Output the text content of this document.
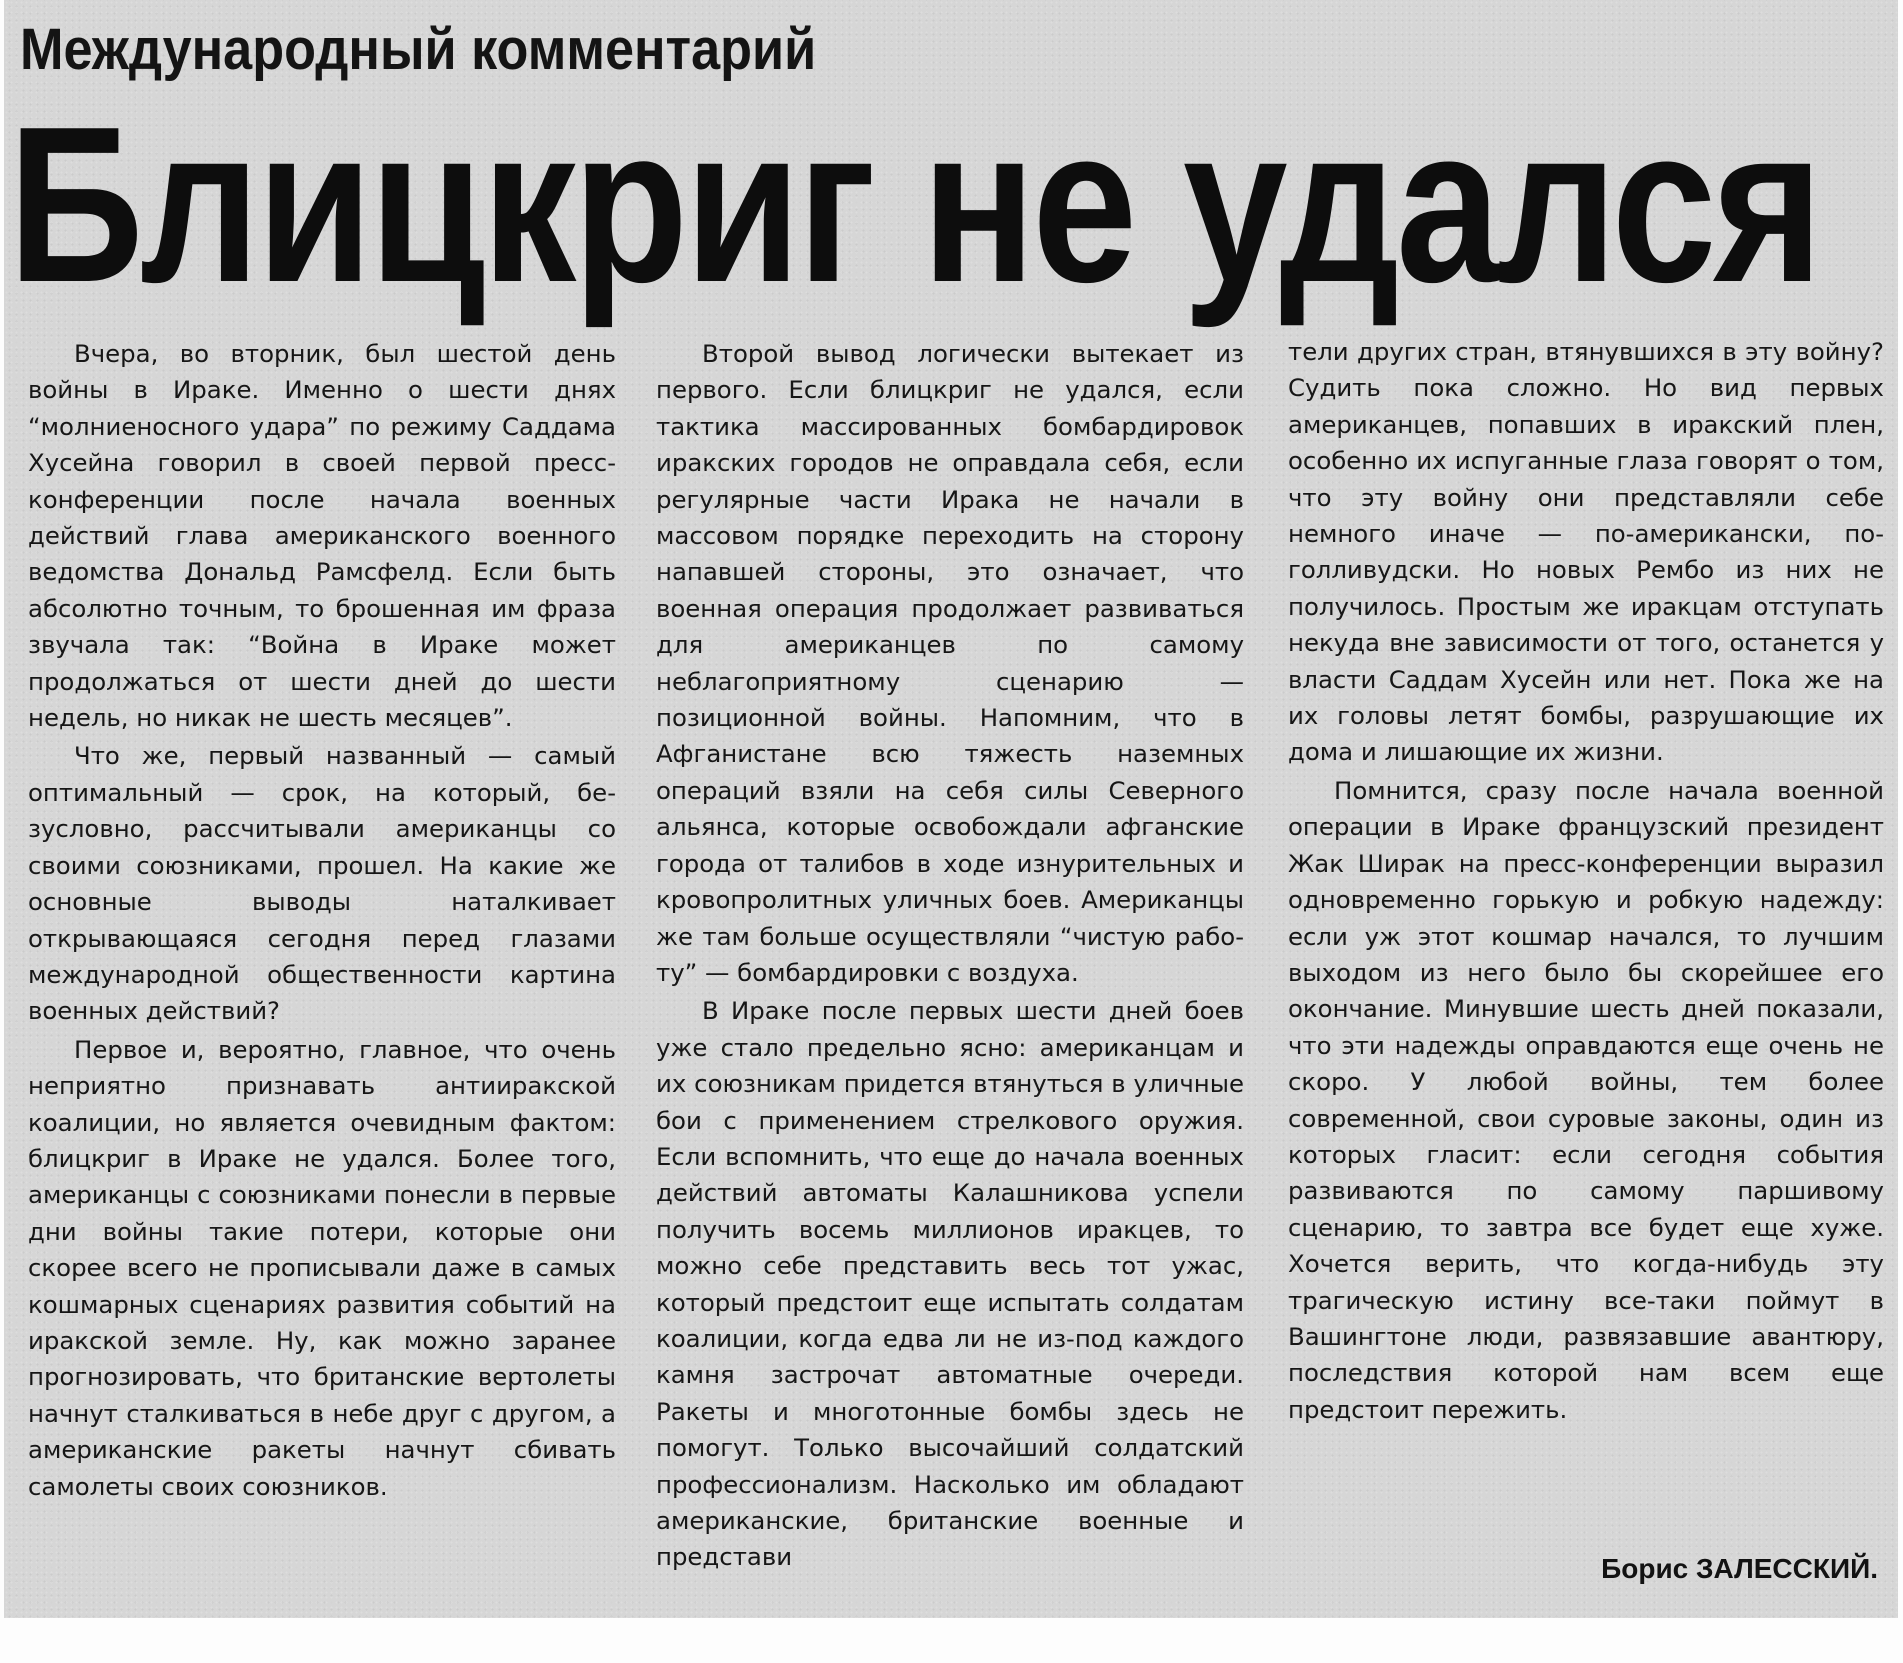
Международный комментарий
Блицкриг не удался

Вчера, во вторник, был шестой день войны в Ираке. Именно о шести днях “молниеносного удара” по режиму Саддама Хусейна говорил в своей первой пресс-конференции после начала военных действий глава американского военного ведомства Дональд Рамсфелд. Если быть абсолютно точным, то брошенная им фраза звучала так: “Война в Ираке может продолжаться от шести дней до шести недель, но никак не шесть месяцев”.

Что же, первый названный — самый оптимальный — срок, на который, безусловно, рассчитывали американцы со своими союзниками, прошел. На какие же основные выводы наталкивает открывающаяся сегодня перед глазами международной общественности картина военных действий?

Первое и, вероятно, главное, что очень неприятно признавать антииракской коалиции, но является очевидным фактом: блицкриг в Ираке не удался. Более того, американцы с союзниками понесли в первые дни войны такие потери, которые они скорее всего не прописывали даже в самых кошмарных сценариях развития событий на иракской земле. Ну, как можно заранее прогнозировать, что британские вертолеты начнут сталкиваться в небе друг с другом, а американские ракеты начнут сбивать самолеты своих союзников.

Второй вывод логически вытекает из первого. Если блицкриг не удался, если тактика массированных бомбардировок иракских городов не оправдала себя, если регулярные части Ирака не начали в массовом порядке переходить на сторону напавшей стороны, это означает, что военная операция продолжает развиваться для американцев по самому неблагоприятному сценарию — позиционной войны. Напомним, что в Афганистане всю тяжесть наземных операций взяли на себя силы Северного альянса, которые освобождали афганские города от талибов в ходе изнурительных и кровопролитных уличных боев. Американцы же там больше осуществляли “чистую работу” — бомбардировки с воздуха.

В Ираке после первых шести дней боев уже стало предельно ясно: американцам и их союзникам придется втянуться в уличные бои с применением стрелкового оружия. Если вспомнить, что еще до начала военных действий автоматы Калашникова успели получить восемь миллионов иракцев, то можно себе представить весь тот ужас, который предстоит еще испытать солдатам коалиции, когда едва ли не из-под каждого камня застрочат автоматные очереди. Ракеты и многотонные бомбы здесь не помогут. Только высочайший солдатский профессионализм. Насколько им обладают американские, британские военные и представи

тели других стран, втянувшихся в эту войну? Судить пока сложно. Но вид первых американцев, попавших в иракский плен, особенно их испуганные глаза говорят о том, что эту войну они представляли себе немного иначе — по-американски, поголливудски. Но новых Рембо из них не получилось. Простым же иракцам отступать некуда вне зависимости от того, останется у власти Саддам Хусейн или нет. Пока же на их головы летят бомбы, разрушающие их дома и лишающие их жизни.

Помнится, сразу после начала военной операции в Ираке французский президент Жак Ширак на пресс-конференции выразил одновременно горькую и робкую надежду: если уж этот кошмар начался, то лучшим выходом из него было бы скорейшее его окончание. Минувшие шесть дней показали, что эти надежды оправдаются еще очень не скоро. У любой войны, тем более современной, свои суровые законы, один из которых гласит: если сегодня события развиваются по самому паршивому сценарию, то завтра все будет еще хуже. Хочется верить, что когда-нибудь эту трагическую истину все-таки поймут в Вашингтоне люди, развязавшие авантюру, последствия которой нам всем еще предстоит пережить.

Борис ЗАЛЕССКИЙ.
